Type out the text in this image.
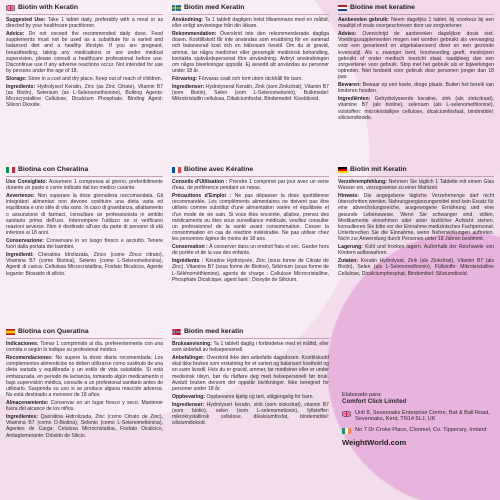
Biotin with Keratin

Suggested Use: Take 1 tablet daily, preferably with a meal or as directed by your healthcare practitioner.

Advice: Do not exceed the recommended daily dose. Food supplements must not be used as a substitute for a varied and balanced diet and a healthy lifestyle. If you are pregnant, breastfeeding, taking any medications or are under medical supervision, please consult a healthcare professional before use. Discontinue use if any adverse reactions occur. Not intended for use by persons under the age of 18.

Storage: Store in a cool and dry place. Keep out of reach of children.

Ingredients: Hydrolysed Keratin, Zinc (as Zinc Citrate), Vitamin B7 (as Biotin), Selenium (as L-Selenomethionine), Bulking Agents: Microcrystalline Cellulose, Dicalcium Phosphate, Binding Agent: Silicon Dioxide.

Biotin med Keratin

Användning: Ta 1 tablett dagligen helst tillsammans med en måltid, eller enligt anvisningar från din läkare.

Rekommendation: Överskrid inte den rekommenderade dagliga dosen. Kosttillskott får inte användas som ersättning för en varierad och balanserad kost och en hälsosam livsstil. Om du är gravid, ammar, tar några mediciner eller genomgår medicinsk behandling, kontakta sjukvårdspersonal före användning. Avbryt användningen om några biverkningar uppstår. Ej avsedd att användas av personer under 18 år.

Förvaring: Förvaras svalt och torrt utom räckhåll för barn.

Ingredienser: Hydrolyserat Keratin, Zink (som Zinkcitrat), Vitamin B7 (som Biotin), Selen (som L-Selenometionin), Bulkmedel: Mikrokristallin cellulosa, Dikalciumfosfat, Bindemedel: Kiseldioxid.

Biotine met keratine

Aanbevolen gebruik: Neem dagelijks 1 tablet, bij voorkeur bij een maaltijd of zoals voorgeschreven door uw zorgverlener.

Advies: Overschrijd de aanbevolen dagelijkse dosis niet. Voedingssupplementen mogen niet worden gebruikt als vervanging voor een gevarieerd en uitgebalanceerd dieet en een gezonde levensstijl. Als u zwanger bent, borstvoeding geeft, medicijnen gebruikt of onder medisch toezicht staat, raadpleeg dan een zorgverlener voor gebruik. Stop met het gebruik als er bijwerkingen optreden. Niet bedoeld voor gebruik door personen jonger dan 18 jaar.

Bewaren: Bewaar op een koele, droge plaats. Buiten het bereik van kinderen houden.

Ingrediënten: Gehydrolyseerde keratine, zink (als zinkcitraat), vitamine B7 (als biotine), selenium (als L-selenomethionine), vulstoffen: microkristallijne cellulose, dicalciumfosfaat, bindmiddel: siliciumdioxide.

Biotina con Cheratina

Uso Consigliato: Assumere 1 compressa al giorno, preferibilmente durante un pasto o come indicato dal tuo medico curante.

Avvertenze: Non superare la dose giornaliera raccomandata. Gli integratori alimentari non devono sostituire una dieta varia ed equilibrata e uno stile di vita sano. In caso di gravidanza, allattamento o assunzione di farmaci, consultare un professionista in ambito sanitario prima dell'uso. Interrompere l'utilizzo se si verificano reazioni avverse. Non è destinato all'uso da parte di persone di età inferiore ai 18 anni.

Conservazione: Conservare in un luogo fresco e asciutto. Tenere fuori dalla portata dei bambini.

Ingredienti: Cheratina Idrolizzata, Zinco (come Zinco citrato), Vitamina B7 (come Biotina), Selenio (come L-Selenometionina), Agenti di carica: Cellulosa Microcristallina, Fosfato Bicalcico, Agente legante: Biossido di silicio.

Biotine avec Kératine

Conseils d'Utilisation : Prendre 1 comprimé par jour avec un verre d'eau, de préférence pendant un repas.

Précautions d'Emploi : Ne pas dépasser la dose quotidienne recommandée. Les compléments alimentaires ne doivent pas être utilisés comme substitut d'une alimentation variée et équilibrée et d'un mode de vie sain. Si vous êtes enceinte, allaitez, prenez des médicaments ou êtes sous surveillance médicale, veuillez consulter un professionnel de la santé avant consommation. Cesser la consommation en cas de réaction indésirable. Ne pas utiliser chez les personnes âgées de moins de 18 ans.

Conservation : À conserver dans un endroit frais et sec. Garder hors de portée et de la vue des enfants.

Ingrédients : Kératine Hydrolysée, Zinc (sous forme de Citrate de Zinc), Vitamine B7 (sous forme de Biotine), Sélénium (sous forme de L-Sélénométhionine), agents de charge : Cellulose Microcristalline, Phosphate Dicalcique, agent liant : Dioxyde de Silicium.

Biotin mit Keratin

Verzehrempfehlung: Nehmen Sie täglich 1 Tablette mit einem Glas Wasser ein, vorzugsweise zu einer Mahlzeit.

Hinweis: Die angegebene tägliche Verzehrmenge darf nicht überschritten werden. Nahrungsergänzungsmittel sind kein Ersatz für eine abwechslungsreiche, ausgewogene Ernährung und eine gesunde Lebensweise. Wenn Sie schwanger sind, stillen, Medikamente einnehmen oder unter ärztlicher Aufsicht stehen, konsultieren Sie bitte vor der Einnahme medizinisches Fachpersonal. Unterbrechen Sie die Einnahme, wenn Nebenwirkungen auftreten. Nicht zur Anwendung durch Personen unter 18 Jahren bestimmt.

Lagerung: Kühl und trocken lagern. Außerhalb der Reichweite von Kindern aufbewahren.

Zutaten: Keratin Hydrolysat, Zink (als Zinkcitrat), Vitamin B7 (als Biotin), Selen (als L-Selenomethionin), Füllstoffe: Mikrokristalline Cellulose, Dicalciumphosphat, Bindemittel: Siliziumdioxid.

Biotina con Queratina

Indicaciones: Tomar 1 comprimido al día, preferentemente con una comida o según lo indique su profesional médico.

Recomendaciones: No supere la dosis diaria recomendada. Los complementos alimenticios no deben utilizarse como sustituto de una dieta variada y equilibrada y un estilo de vida saludable. Si está embarazada, en periodo de lactancia, tomando algún medicamento o bajo supervisión médica, consulte a un profesional sanitario antes de utilizarlo. Suspenda su uso si se produce alguna reacción adversa. No está destinado a menores de 18 años.

Almacenamiento: Conservar en un lugar fresco y seco. Mantener fuera del alcance de los niños.

Ingredientes: Queratina Hidrolizada, Zinc (como Citrato de Zinc), Vitamina B7 (como D-Biotina), Selenio (como L-Selenometionina), Agentes de Carga: Celulosa Microcristalina, Fosfato Dicálcico, Antiaglomerante: Dióxido de Silicio.

Biotin med keratin

Bruksanvisning: Ta 1 tablett daglig i forbindelse med et måltid, eller som anbefalt av helsepersonell.

Anbefalinger: Overskrid ikke den anbefalte dagsdosen. Kosttilskudd skal ikke brukes som erstatning for et variert og balansert kosthold og en sunn livsstil. Hvis du er gravid, ammer, tar medisiner eller er under medisinsk tilsyn, bør du rådføre deg med helsepersonell før bruk. Avslutt bruken dersom det oppstår bivirkninger. Ikke beregnet for personer under 18 år.

Oppbevaring: Oppbevares kjølig og tørt, utilgjengelig for barn.

Ingredienser: Hydrolysert keratin, sink (som sinkcitrat), vitamin B7 (som biotin), selen (som L-selenometionin), fyllstoffer: mikrokrystallinsk cellulose, dikalsiumfosfat, bindemiddel: silisiumdioksid.

Elaborado para:
Comfort Click Limited
Unit 8, Sevenoaks Enterprise Centre, Bat & Ball Road, Sevenoaks, Kent, TN14 5LJ, UK
No 7 Dr Croke Place, Clonmel, Co. Tipperary, Ireland
WeightWorld.com
